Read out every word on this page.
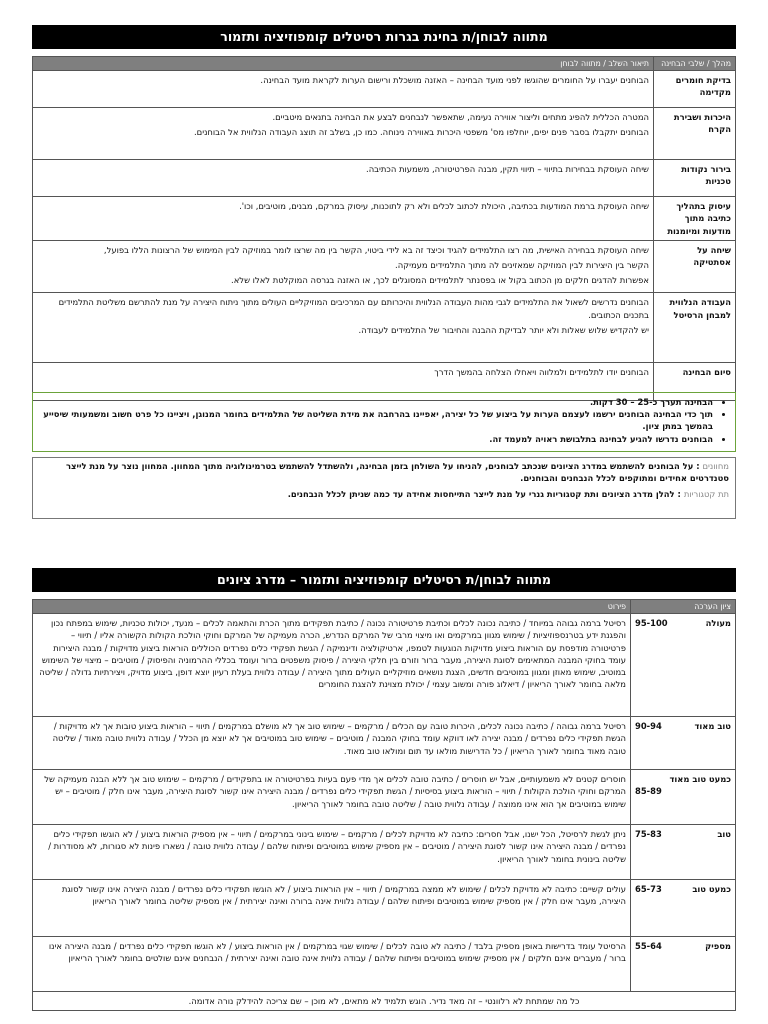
מתווה לבוחן/ת בחינת בגרות רסיטלים קומפוזיציה ותזמור
מהלך / שלבי הבחינה	תיאור השלב / מתווה לבוחן
בדיקת חומרים מקדימה	הבוחנים יעברו על החומרים שהוגשו לפני מועד הבחינה – האזנה מושכלת ורישום הערות לקראת מועד הבחינה.

היכרות ושבירת הקרח	המטרה הכללית להפיג מתחים וליצור אווירה נעימה, שתאפשר לנבחנים לבצע את הבחינה בתנאים מיטביים.

הבוחנים יתקבלו בסבר פנים יפים, יוחלפו מס' משפטי היכרות באווירה נינוחה. כמו כן, בשלב זה תוצג העבודה הנלווית אל הבוחנים.

בירור נקודות טכניות	שיחה העוסקת בבחירות בתיווי – תיווי תקין, מבנה הפרטיטורה, משמעות הכתיבה.

עיסוק בתהליך כתיבה מתוך מודעות ומיומנות	שיחה העוסקת ברמת המודעות בכתיבה, היכולת לכתוב לכלים ולא רק לתוכנות, עיסוק במרקם, מבנים, מוטיבים, וכו'.

שיחה על אסתטיקה	שיחה העוסקת בבחירה האישית, מה רצו התלמידים להגיד וכיצד זה בא לידי ביטוי, הקשר בין מה שרצו לומר במוזיקה לבין המימוש של הרצונות הללו בפועל,

הקשר בין היצירות לבין המוזיקה שמאזינים לה מתוך התלמידים מעמיקה.

אפשרות להדגים חלקים מן הכתוב בקול או בפסנתר לתלמידים המסוגלים לכך, או האזנה בגרסה המוקלטת לאלו שלא.

העבודה הנלווית למבחן הרסיטל	הבוחנים נדרשים לשאול את התלמידים לגבי מהות העבודה הנלווית והיכרותם עם המרכיבים המוזיקליים העולים מתוך ניתוח היצירה על מנת להתרשם משליטת התלמידים בתכנים הכתובים.

יש להקדיש שלוש שאלות ולא יותר לבדיקת ההבנה והחיבור של התלמידים לעבודה.

סיום הבחינה	הבוחנים יודו לתלמידים ולמלווה ויאחלו הצלחה בהמשך הדרך

• הבחינה תערך כ-25 – 30 דקות.
• תוך כדי הבחינה הבוחנים ירשמו לעצמם הערות על ביצוע של כל יצירה, יאפיינו בהרחבה את מידת השליטה של התלמידים בחומר המנוגן, ויציינו כל פרט חשוב ומשמעותי שיסייע בהמשך במתן ציון.
• הבוחנים נדרשו להגיע לבחינה בתלבושת ראויה למעמד זה.

מחוונים : על הבוחנים להשתמש במדרג הציונים שנכתב לבוחנים, להניחו על השולחן בזמן הבחינה, ולהשתדל להשתמש בטרמינולוגיה מתוך המחוון. המחוון נוצר על מנת לייצר סטנדרטים אחידים ומתוקפים לכלל הנבחנים והבוחנים.

תת קטגוריות : להלן מדרג הציונים ותת קטגוריות גנרי על מנת לייצר התייחסות אחידה עד כמה שניתן לכלל הנבחנים.

מתווה לבוחן/ת רסיטלים קומפוזיציה ותזמור – מדרג ציונים
ציון הערכה	פירוט

מעולה
95-100	רסיטל ברמה גבוהה במיוחד / כתיבה נכונה לכלים וכתיבת פרטיטורה נכונה / כתיבת תפקידים מתוך הכרת והתאמה לכלים – מנעד, יכולות טכניות, שימוש במפתח נכון והפגנת ידע בטרנספוזיציות / שימוש מגוון במרקמים ואו מיצוי מרבי של המרקם הנדרש, הכרה מעמיקה של המרקם וחוקי הולכת הקולות הקשורה אליו / תיווי – פרטיטורה מודפסת עם הוראות ביצוע מדויקות הנוגעות לטמפו, ארטיקולציה ודינמיקה / הגשת תפקידי כלים נפרדים הכוללים הוראות ביצוע מדויקות / מבנה היצירות עומד בחוקי המבנה המתאימים לסוגת היצירה, מעבר ברור וזורם בין חלקי היצירה / פיסוק משפטים ברור ועומד בכללי ההרמוניה והפיסוק / מוטיבים – מיצוי של השימוש במוטיב, שימוש מאוזן ומגוון במוטיבים חדשים, הצגת נושאים מוזיקליים העולים מתוך היצירה / עבודה נלווית בעלת רעיון יוצא דופן, ביצוע מדויק, ויצירתיות גדולה / שליטה מלאה בחומר לאורך הריאיון / דיאלוג פורה ומשוב עצמי / יכולת מצוינת להצגת החומרים

טוב מאוד
90-94	רסיטל ברמה גבוהה / כתיבה נכונה לכלים, היכרות טובה עם הכלים / מרקמים – שימוש טוב אך לא מושלם במרקמים / תיווי – הוראות ביצוע טובות אך לא מדויקות / הגשת תפקידי כלים נפרדים / מבנה יצירה לאו דווקא עומד בחוקי המבנה / מוטיבים – שימוש טוב במוטיבים אך לא יוצא מן הכלל / עבודה נלווית טובה מאוד / שליטה טובה מאוד בחומר לאורך הריאיון / כל הדרישות מולאו עד תום ומולאו טוב מאוד.

כמעט טוב מאוד
85-89	חוסרים קטנים לא משמעותיים, אבל יש חוסרים / כתיבה טובה לכלים אך מדי פעם בעיות בפרטיטורה או בתפקידים / מרקמים – שימוש טוב אך ללא הבנה מעמיקה של המרקם וחוקי הולכת הקולות / תיווי – הוראות ביצוע בסיסיות / הגשת תפקידי כלים נפרדים / מבנה היצירה אינו קשור לסוגת היצירה, מעבר אינו חלק / מוטיבים – יש שימוש במוטיבים אך הוא אינו ממוצה / עבודה נלווית טובה / שליטה טובה בחומר לאורך הריאיון.

טוב
75-83	ניתן לגשת לרסיטל, הכל ישנו, אבל חסרים: כתיבה לא מדויקת לכלים / מרקמים – שימוש בינוני במרקמים / תיווי – אין מספיק הוראות ביצוע / לא הוגשו תפקידי כלים נפרדים / מבנה היצירה אינו קשור לסוגת היצירה / מוטיבים – אין מספיק שימוש במוטיבים ופיתוח שלהם / עבודה נלווית טובה / נשארו פינות לא סגורות, לא מסודרות / שליטה בינונית בחומר לאורך הריאיון.

כמעט טוב
65-73	עולים קשיים: כתיבה לא מדויקת לכלים / שימוש לא ממצה במרקמים / תיווי – אין הוראות ביצוע / לא הוגשו תפקידי כלים נפרדים / מבנה היצירה אינו קשור לסוגת היצירה, מעבר אינו חלק / אין מספיק שימוש במוטיבים ופיתוח שלהם / עבודה נלווית אינה ברורה ואינה יצירתית / אין מספיק שליטה בחומר לאורך הריאיון

מספיק
55-64	הרסיטל עומד בדרישות באופן מספיק בלבד / כתיבה לא טובה לכלים / שימוש שגוי במרקמים / אין הוראות ביצוע / לא הוגשו תפקידי כלים נפרדים / מבנה היצירה אינו ברור / מעברים אינם חלקים / אין מספיק שימוש במוטיבים ופיתוח שלהם / עבודה נלווית אינה טובה ואינה יצירתית / הנבחנים אינם שולטים בחומר לאורך הריאיון
כל מה שמתחת לא רלוונטי – זה מאד נדיר. הוגש תלמיד לא מתאים, לא מוכן – שם צריכה להידלק נורה אדומה.	
